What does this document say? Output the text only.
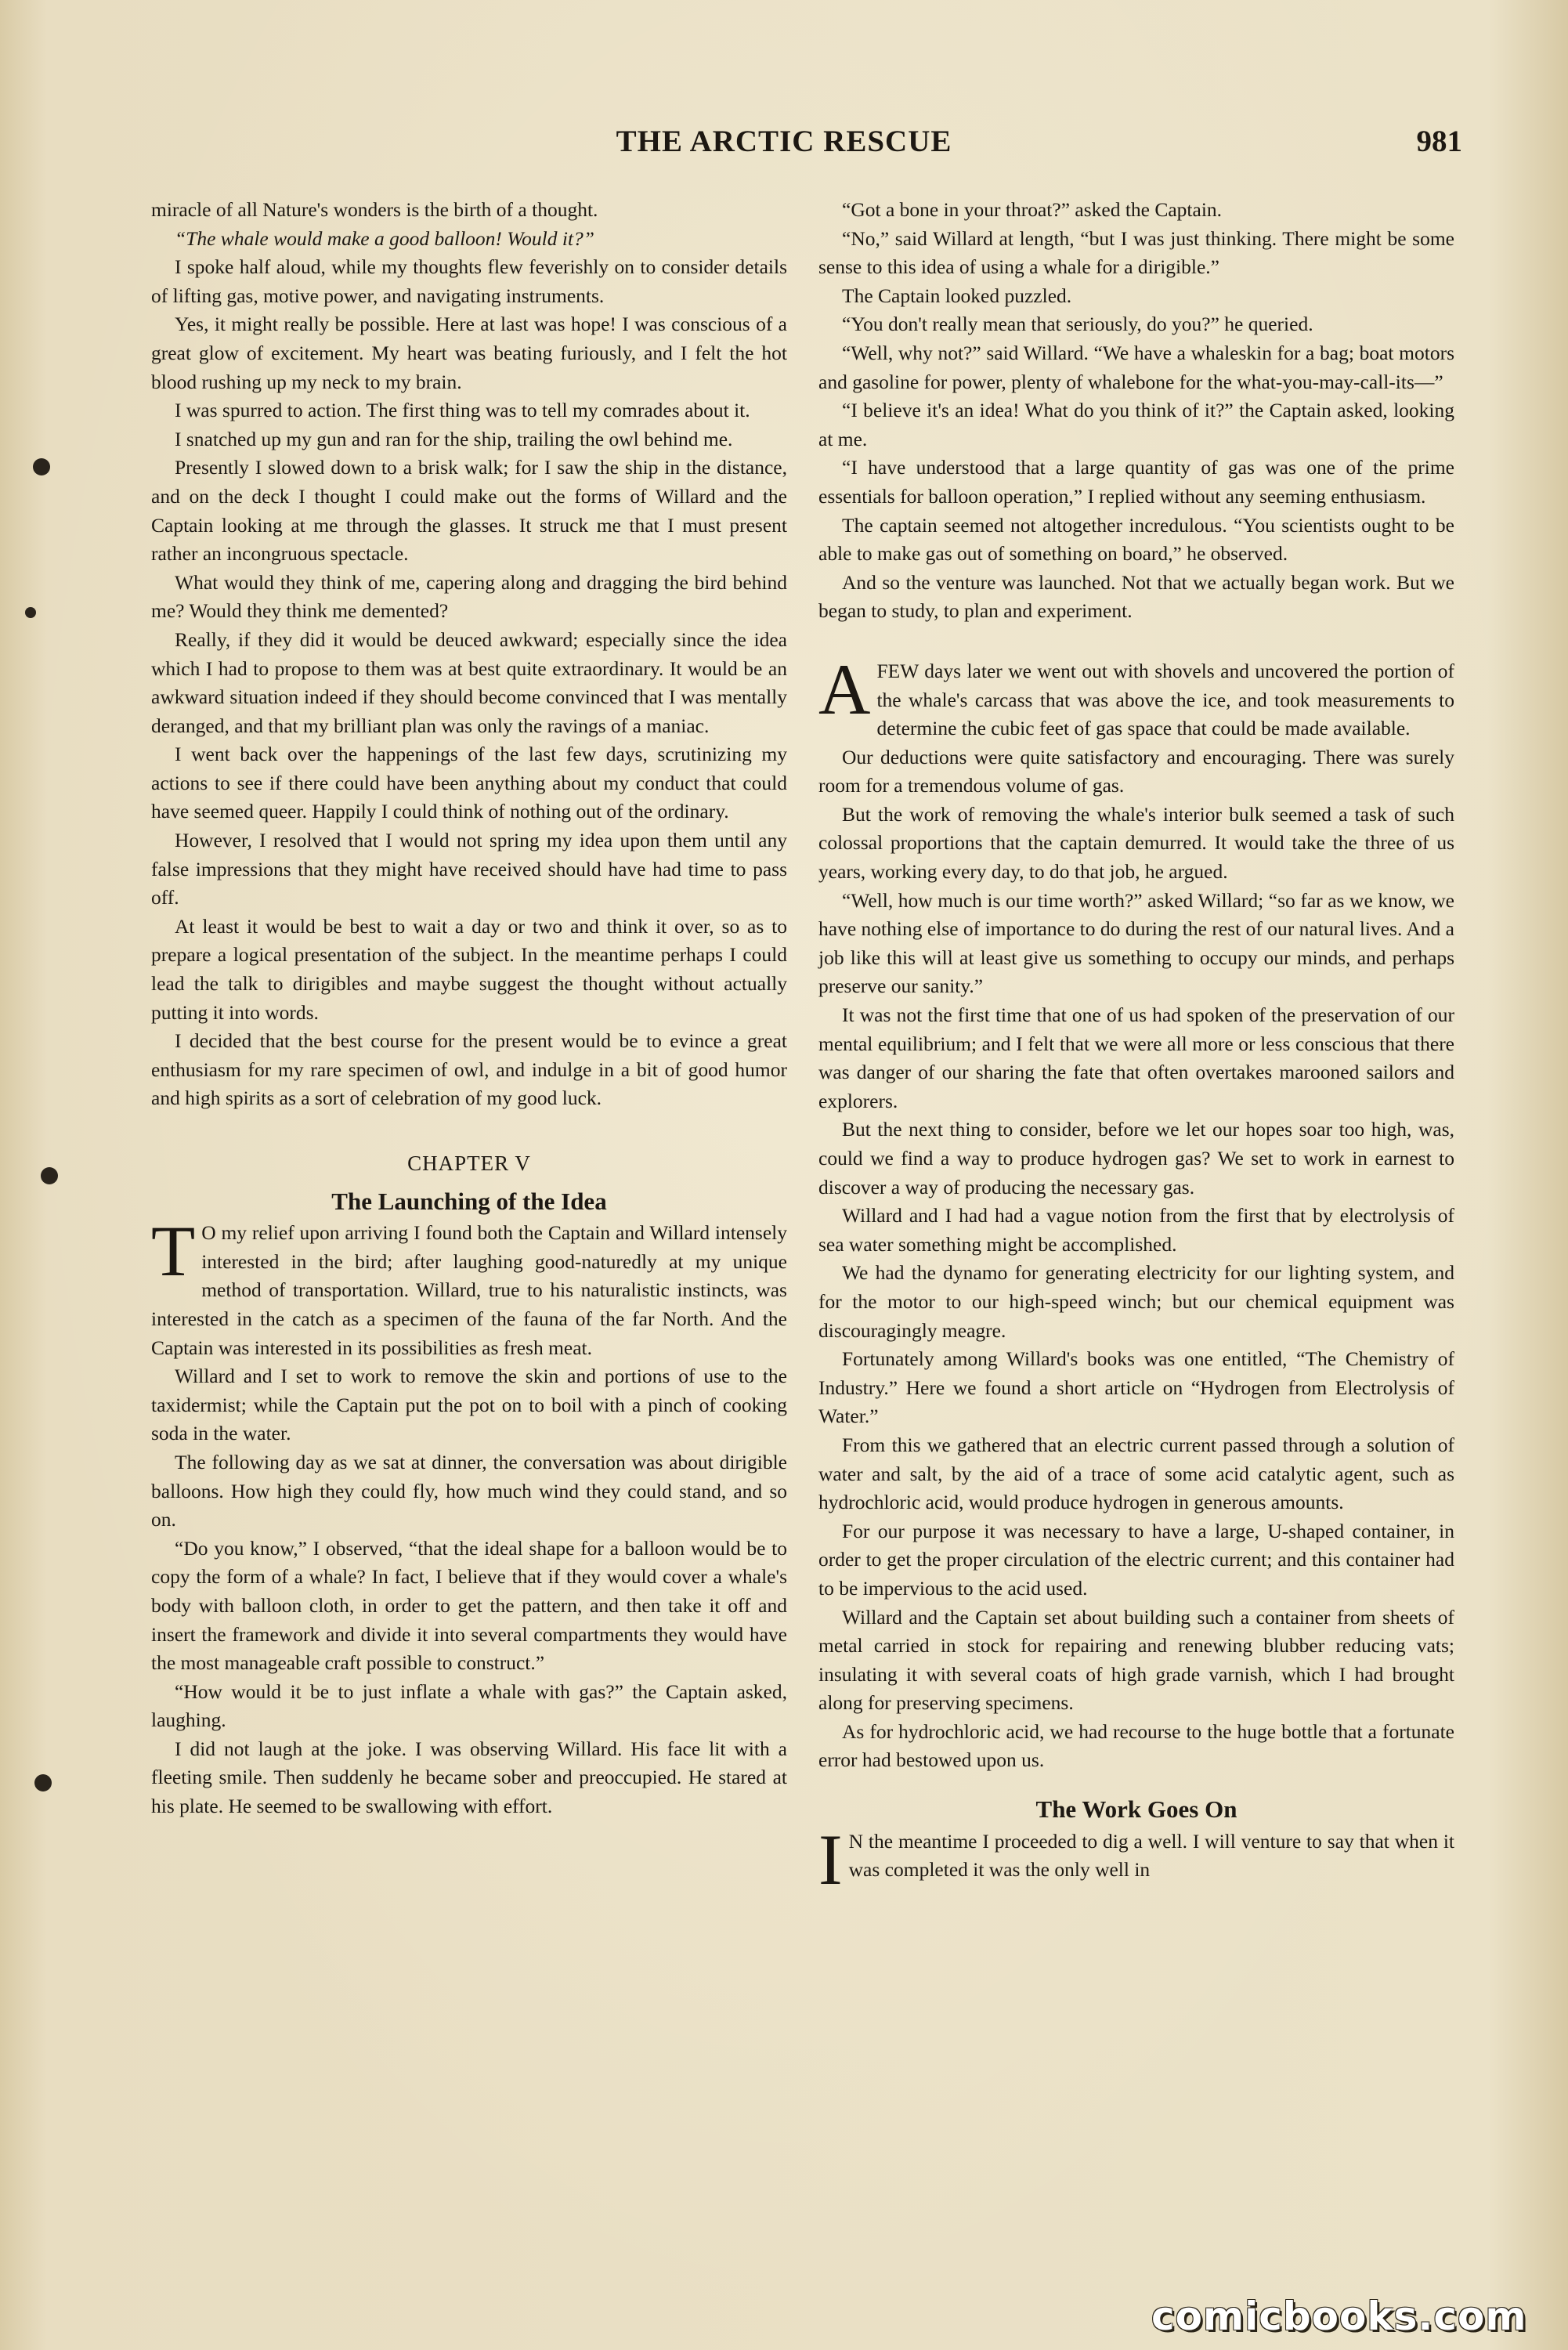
THE ARCTIC RESCUE	981

miracle of all Nature's wonders is the birth of a thought.

“The whale would make a good balloon! Would it?”

I spoke half aloud, while my thoughts flew feverishly on to consider details of lifting gas, motive power, and navigating instruments.

Yes, it might really be possible. Here at last was hope! I was conscious of a great glow of excitement. My heart was beating furiously, and I felt the hot blood rushing up my neck to my brain.

I was spurred to action. The first thing was to tell my comrades about it.

I snatched up my gun and ran for the ship, trailing the owl behind me.

Presently I slowed down to a brisk walk; for I saw the ship in the distance, and on the deck I thought I could make out the forms of Willard and the Captain looking at me through the glasses. It struck me that I must present rather an incongruous spectacle.

What would they think of me, capering along and dragging the bird behind me? Would they think me demented?

Really, if they did it would be deuced awkward; especially since the idea which I had to propose to them was at best quite extraordinary. It would be an awkward situation indeed if they should become convinced that I was mentally deranged, and that my brilliant plan was only the ravings of a maniac.

I went back over the happenings of the last few days, scrutinizing my actions to see if there could have been anything about my conduct that could have seemed queer. Happily I could think of nothing out of the ordinary.

However, I resolved that I would not spring my idea upon them until any false impressions that they might have received should have had time to pass off.

At least it would be best to wait a day or two and think it over, so as to prepare a logical presentation of the subject. In the meantime perhaps I could lead the talk to dirigibles and maybe suggest the thought without actually putting it into words.

I decided that the best course for the present would be to evince a great enthusiasm for my rare specimen of owl, and indulge in a bit of good humor and high spirits as a sort of celebration of my good luck.

CHAPTER V
The Launching of the Idea

T O my relief upon arriving I found both the Captain and Willard intensely interested in the bird; after laughing good-naturedly at my unique method of transportation. Willard, true to his naturalistic instincts, was interested in the catch as a specimen of the fauna of the far North. And the Captain was interested in its possibilities as fresh meat.

Willard and I set to work to remove the skin and portions of use to the taxidermist; while the Captain put the pot on to boil with a pinch of cooking soda in the water.

The following day as we sat at dinner, the conversation was about dirigible balloons. How high they could fly, how much wind they could stand, and so on.

“Do you know,” I observed, “that the ideal shape for a balloon would be to copy the form of a whale? In fact, I believe that if they would cover a whale's body with balloon cloth, in order to get the pattern, and then take it off and insert the framework and divide it into several compartments they would have the most manageable craft possible to construct.”

“How would it be to just inflate a whale with gas?” the Captain asked, laughing.

I did not laugh at the joke. I was observing Willard. His face lit with a fleeting smile. Then suddenly he became sober and preoccupied. He stared at his plate. He seemed to be swallowing with effort.

“Got a bone in your throat?” asked the Captain.

“No,” said Willard at length, “but I was just thinking. There might be some sense to this idea of using a whale for a dirigible.”

The Captain looked puzzled.

“You don't really mean that seriously, do you?” he queried.

“Well, why not?” said Willard. “We have a whaleskin for a bag; boat motors and gasoline for power, plenty of whalebone for the what-you-may-call-its—”

“I believe it's an idea! What do you think of it?” the Captain asked, looking at me.

“I have understood that a large quantity of gas was one of the prime essentials for balloon operation,” I replied without any seeming enthusiasm.

The captain seemed not altogether incredulous. “You scientists ought to be able to make gas out of something on board,” he observed.

And so the venture was launched. Not that we actually began work. But we began to study, to plan and experiment.

AFEW days later we went out with shovels and uncovered the portion of the whale's carcass that was above the ice, and took measurements to determine the cubic feet of gas space that could be made available.

Our deductions were quite satisfactory and encouraging. There was surely room for a tremendous volume of gas.

But the work of removing the whale's interior bulk seemed a task of such colossal proportions that the captain demurred. It would take the three of us years, working every day, to do that job, he argued.

“Well, how much is our time worth?” asked Willard; “so far as we know, we have nothing else of importance to do during the rest of our natural lives. And a job like this will at least give us something to occupy our minds, and perhaps preserve our sanity.”

It was not the first time that one of us had spoken of the preservation of our mental equilibrium; and I felt that we were all more or less conscious that there was danger of our sharing the fate that often overtakes marooned sailors and explorers.

But the next thing to consider, before we let our hopes soar too high, was, could we find a way to produce hydrogen gas? We set to work in earnest to discover a way of producing the necessary gas.

Willard and I had had a vague notion from the first that by electrolysis of sea water something might be accomplished.

We had the dynamo for generating electricity for our lighting system, and for the motor to our high-speed winch; but our chemical equipment was discouragingly meagre.

Fortunately among Willard's books was one entitled, “The Chemistry of Industry.” Here we found a short article on “Hydrogen from Electrolysis of Water.”

From this we gathered that an electric current passed through a solution of water and salt, by the aid of a trace of some acid catalytic agent, such as hydrochloric acid, would produce hydrogen in generous amounts.

For our purpose it was necessary to have a large, U-shaped container, in order to get the proper circulation of the electric current; and this container had to be impervious to the acid used.

Willard and the Captain set about building such a container from sheets of metal carried in stock for repairing and renewing blubber reducing vats; insulating it with several coats of high grade varnish, which I had brought along for preserving specimens.

As for hydrochloric acid, we had recourse to the huge bottle that a fortunate error had bestowed upon us.

The Work Goes On

I N the meantime I proceeded to dig a well. I will venture to say that when it was completed it was the only well in

comicbooks.com
